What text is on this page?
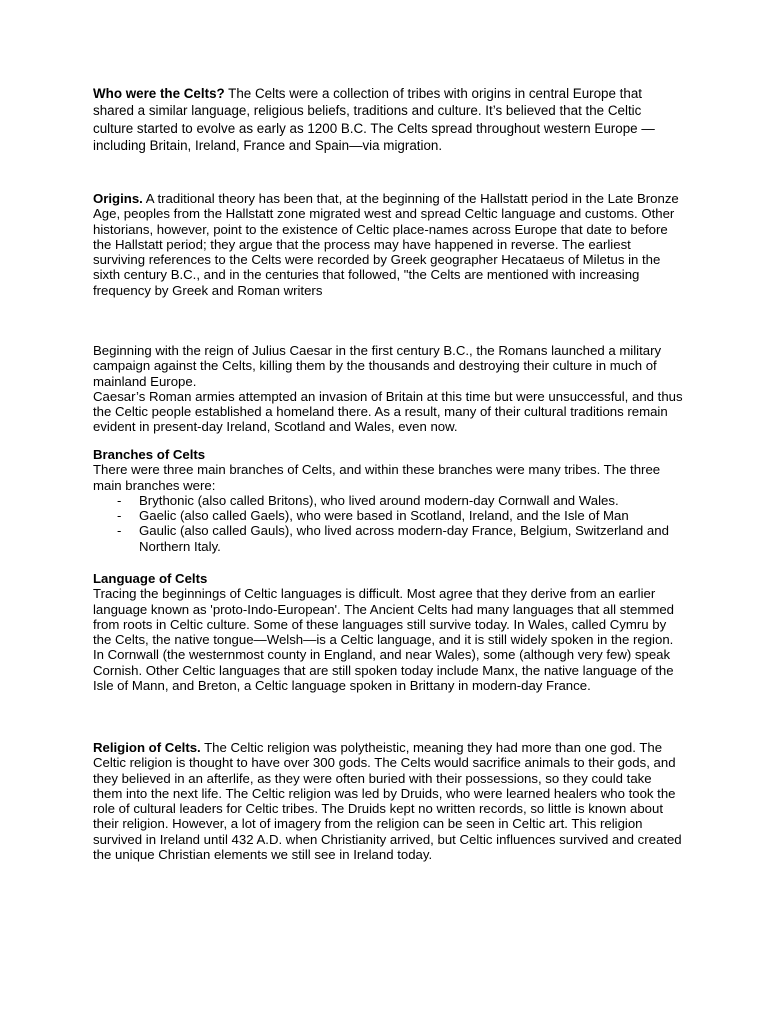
Who were the Celts? The Celts were a collection of tribes with origins in central Europe that shared a similar language, religious beliefs, traditions and culture. It’s believed that the Celtic culture started to evolve as early as 1200 B.C. The Celts spread throughout western Europe —including Britain, Ireland, France and Spain—via migration.

Origins. A traditional theory has been that, at the beginning of the Hallstatt period in the Late Bronze Age, peoples from the Hallstatt zone migrated west and spread Celtic language and customs. Other historians, however, point to the existence of Celtic place-names across Europe that date to before the Hallstatt period; they argue that the process may have happened in reverse. The earliest surviving references to the Celts were recorded by Greek geographer Hecataeus of Miletus in the sixth century B.C., and in the centuries that followed, "the Celts are mentioned with increasing frequency by Greek and Roman writers

Beginning with the reign of Julius Caesar in the first century B.C., the Romans launched a military campaign against the Celts, killing them by the thousands and destroying their culture in much of mainland Europe.

Caesar’s Roman armies attempted an invasion of Britain at this time but were unsuccessful, and thus the Celtic people established a homeland there. As a result, many of their cultural traditions remain evident in present-day Ireland, Scotland and Wales, even now.

Branches of Celts

There were three main branches of Celts, and within these branches were many tribes. The three main branches were:

- Brythonic (also called Britons), who lived around modern-day Cornwall and Wales.
- Gaelic (also called Gaels), who were based in Scotland, Ireland, and the Isle of Man
- Gaulic (also called Gauls), who lived across modern-day France, Belgium, Switzerland and Northern Italy.

Language of Celts

Tracing the beginnings of Celtic languages is difficult. Most agree that they derive from an earlier language known as 'proto-Indo-European'. The Ancient Celts had many languages that all stemmed from roots in Celtic culture. Some of these languages still survive today. In Wales, called Cymru by the Celts, the native tongue—Welsh—is a Celtic language, and it is still widely spoken in the region. In Cornwall (the westernmost county in England, and near Wales), some (although very few) speak Cornish. Other Celtic languages that are still spoken today include Manx, the native language of the Isle of Mann, and Breton, a Celtic language spoken in Brittany in modern-day France.

Religion of Celts. The Celtic religion was polytheistic, meaning they had more than one god. The Celtic religion is thought to have over 300 gods. The Celts would sacrifice animals to their gods, and they believed in an afterlife, as they were often buried with their possessions, so they could take them into the next life. The Celtic religion was led by Druids, who were learned healers who took the role of cultural leaders for Celtic tribes. The Druids kept no written records, so little is known about their religion. However, a lot of imagery from the religion can be seen in Celtic art. This religion survived in Ireland until 432 A.D. when Christianity arrived, but Celtic influences survived and created the unique Christian elements we still see in Ireland today.
